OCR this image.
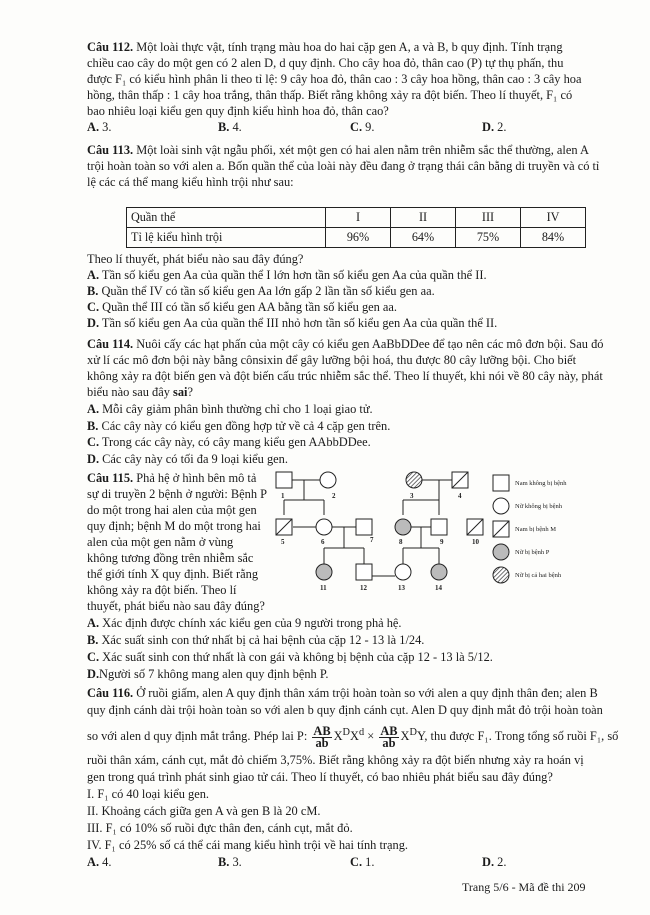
Câu 112. Một loài thực vật, tính trạng màu hoa do hai cặp gen A, a và B, b quy định. Tính trạng
chiều cao cây do một gen có 2 alen D, d quy định. Cho cây hoa đỏ, thân cao (P) tự thụ phấn, thu
được F₁ có kiểu hình phân li theo tỉ lệ: 9 cây hoa đỏ, thân cao : 3 cây hoa hồng, thân cao : 3 cây hoa
hồng, thân thấp : 1 cây hoa trắng, thân thấp. Biết rằng không xảy ra đột biến. Theo lí thuyết, F₁ có
bao nhiêu loại kiểu gen quy định kiểu hình hoa đỏ, thân cao?
A. 3.	B. 4.	C. 9.	D. 2.
Câu 113. Một loài sinh vật ngẫu phối, xét một gen có hai alen nằm trên nhiễm sắc thể thường, alen A
trội hoàn toàn so với alen a. Bốn quần thể của loài này đều đang ở trạng thái cân bằng di truyền và có tỉ
lệ các cá thể mang kiểu hình trội như sau:
Quần thể	I	II	III	IV
Tỉ lệ kiểu hình trội	96%	64%	75%	84%
Theo lí thuyết, phát biểu nào sau đây đúng?
A. Tần số kiểu gen Aa của quần thể I lớn hơn tần số kiểu gen Aa của quần thể II.
B. Quần thể IV có tần số kiểu gen Aa lớn gấp 2 lần tần số kiểu gen aa.
C. Quần thể III có tần số kiểu gen AA bằng tần số kiểu gen aa.
D. Tần số kiểu gen Aa của quần thể III nhỏ hơn tần số kiểu gen Aa của quần thể II.
Câu 114. Nuôi cấy các hạt phấn của một cây có kiểu gen AaBbDDee để tạo nên các mô đơn bội. Sau đó
xử lí các mô đơn bội này bằng cônsixin để gây lưỡng bội hoá, thu được 80 cây lưỡng bội. Cho biết
không xảy ra đột biến gen và đột biến cấu trúc nhiễm sắc thể. Theo lí thuyết, khi nói về 80 cây này, phát
biểu nào sau đây sai?
A. Mỗi cây giảm phân bình thường chỉ cho 1 loại giao tử.
B. Các cây này có kiểu gen đồng hợp tử về cả 4 cặp gen trên.
C. Trong các cây này, có cây mang kiểu gen AAbbDDee.
D. Các cây này có tối đa 9 loại kiểu gen.
Câu 115. Phả hệ ở hình bên mô tả
sự di truyền 2 bệnh ở người: Bệnh P
do một trong hai alen của một gen
quy định; bệnh M do một trong hai
alen của một gen nằm ở vùng
không tương đồng trên nhiễm sắc
thể giới tính X quy định. Biết rằng
không xảy ra đột biến. Theo lí
thuyết, phát biểu nào sau đây đúng?
1	2	3	4
5	6	7	8	9	10
11	12	13	14
Nam không bị bệnh
Nữ không bị bệnh
Nam bị bệnh M
Nữ bị bệnh P
Nữ bị cả hai bệnh
A. Xác định được chính xác kiểu gen của 9 người trong phả hệ.
B. Xác suất sinh con thứ nhất bị cả hai bệnh của cặp 12 - 13 là 1/24.
C. Xác suất sinh con thứ nhất là con gái và không bị bệnh của cặp 12 - 13 là 5/12.
D.Người số 7 không mang alen quy định bệnh P.
Câu 116. Ở ruồi giấm, alen A quy định thân xám trội hoàn toàn so với alen a quy định thân đen; alen B
quy định cánh dài trội hoàn toàn so với alen b quy định cánh cụt. Alen D quy định mắt đỏ trội hoàn toàn
so với alen d quy định mắt trắng. Phép lai P: $\frac{AB}{ab} X^DX^d \times \frac{AB}{ab} X^DY$, thu được F₁. Trong tổng số ruồi F₁, số
ruồi thân xám, cánh cụt, mắt đỏ chiếm 3,75%. Biết rằng không xảy ra đột biến nhưng xảy ra hoán vị
gen trong quá trình phát sinh giao tử cái. Theo lí thuyết, có bao nhiêu phát biểu sau đây đúng?
I. F₁ có 40 loại kiểu gen.
II. Khoảng cách giữa gen A và gen B là 20 cM.
III. F₁ có 10% số ruồi đực thân đen, cánh cụt, mắt đỏ.
IV. F₁ có 25% số cá thể cái mang kiểu hình trội về hai tính trạng.
A. 4.	B. 3.	C. 1.	D. 2.
Trang 5/6 - Mã đề thi 209
